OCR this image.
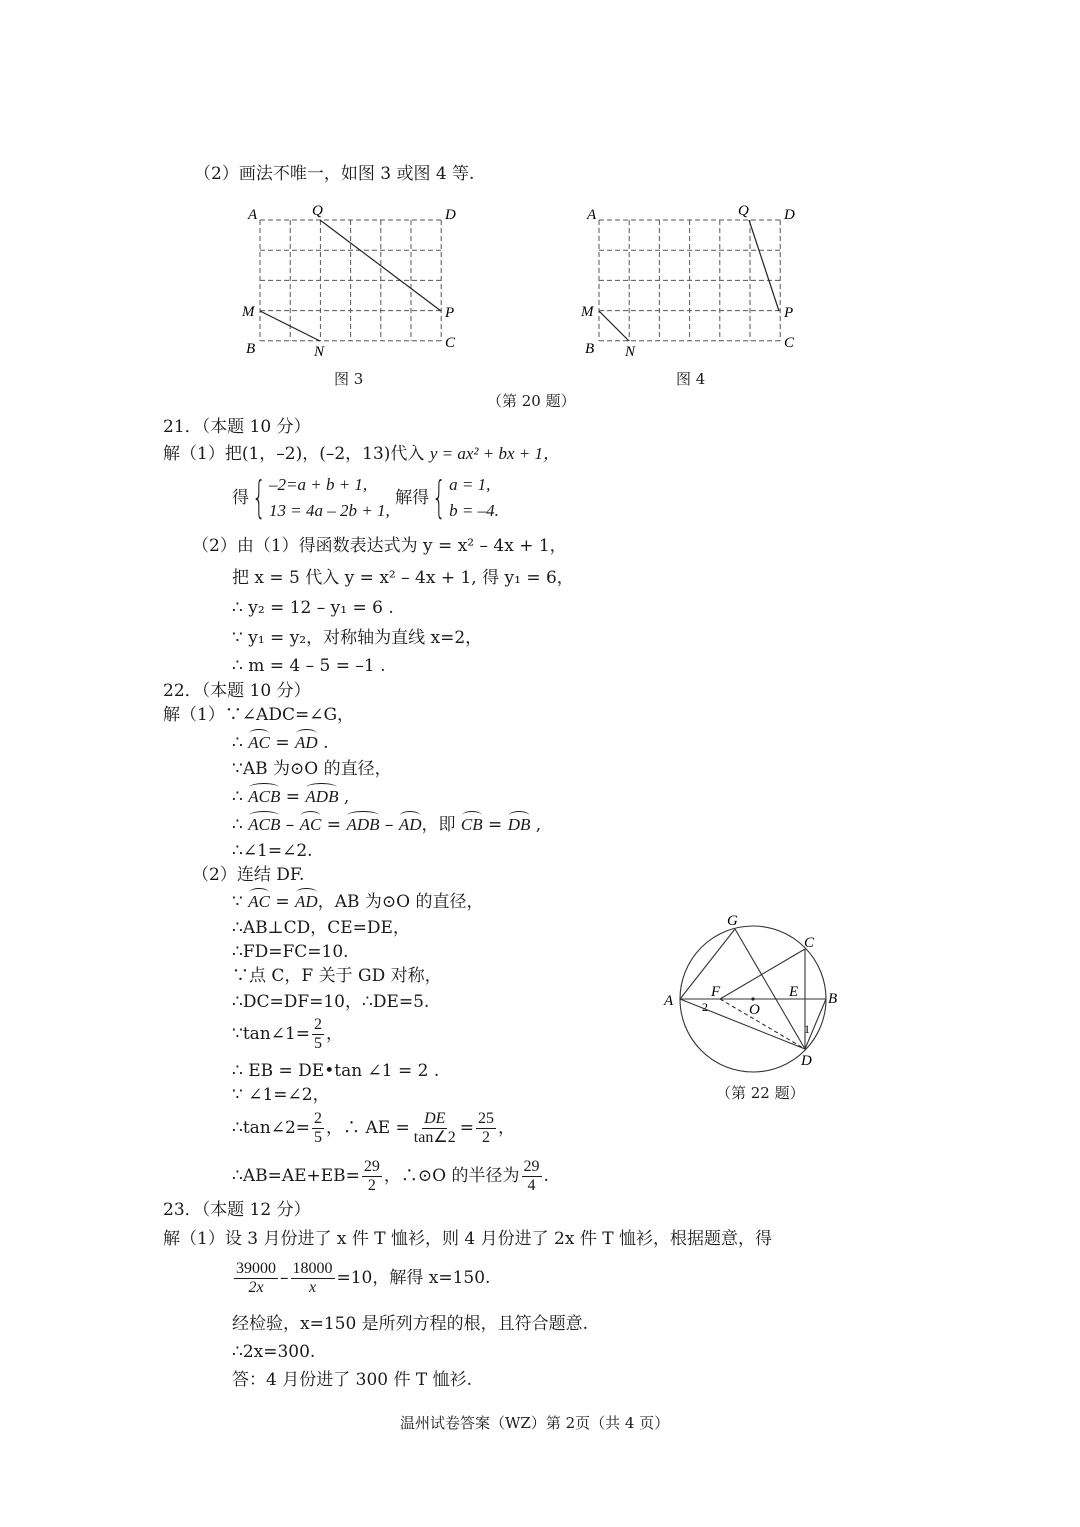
（2）画法不唯一，如图 3 或图 4 等.
A	Q	D
M	P
B	N
C
图 3
A	Q D
M	P
B N
C
图 4
（第 20 题）
21．（本题 10 分）
解（1）把(1，–2)，(–2，13)代入 y = ax² + bx + 1，
得{ –2=a + b + 1,
13 = 4a – 2b + 1,
解得{ a = 1,
b = –4.
（2）由（1）得函数表达式为 y = x² – 4x + 1，
把 x = 5 代入 y = x² – 4x + 1, 得 y₁ = 6，
∴ y₂ = 12 – y₁ = 6 .
∵ y₁ = y₂，对称轴为直线 x=2，
∴ m = 4 – 5 = –1 .
22．（本题 10 分）
解（1）∵∠ADC=∠G，
∴ AC = AD .
∵AB 为⊙O 的直径，
∴ ACB = ADB ,
∴ ACB – AC = ADB – AD，即 CB = DB ,
∴∠1=∠2.
（2）连结 DF.
∵ AC = AD，AB 为⊙O 的直径，
∴AB⊥CD，CE=DE，
∴FD=FC=10.
∵点 C，F 关于 GD 对称，
∴DC=DF=10，∴DE=5.
∵tan∠1= $\frac{2}{5}$ ，
∴ EB = DE•tan ∠1 = 2 .
∵ ∠1=∠2，
∴tan∠2= $\frac{2}{5}$ ，∴ AE = $\frac{DE}{\tan\angle 2} = \frac{25}{2}$ ，
∴AB=AE+EB= $\frac{29}{2}$ ，∴⊙O 的半径为 $\frac{29}{4}$ .
G
C
A
F
O
E B
D
1
2
（第 22 题）
23．（本题 12 分）
解（1）设 3 月份进了 x 件 T 恤衫，则 4 月份进了 2x 件 T 恤衫，根据题意，得
$\frac{39000}{2x} - \frac{18000}{x} =10$，解得 x=150.
经检验，x=150 是所列方程的根，且符合题意.
∴2x=300.
答：4 月份进了 300 件 T 恤衫.
温州试卷答案（WZ）第 2页（共 4 页）
